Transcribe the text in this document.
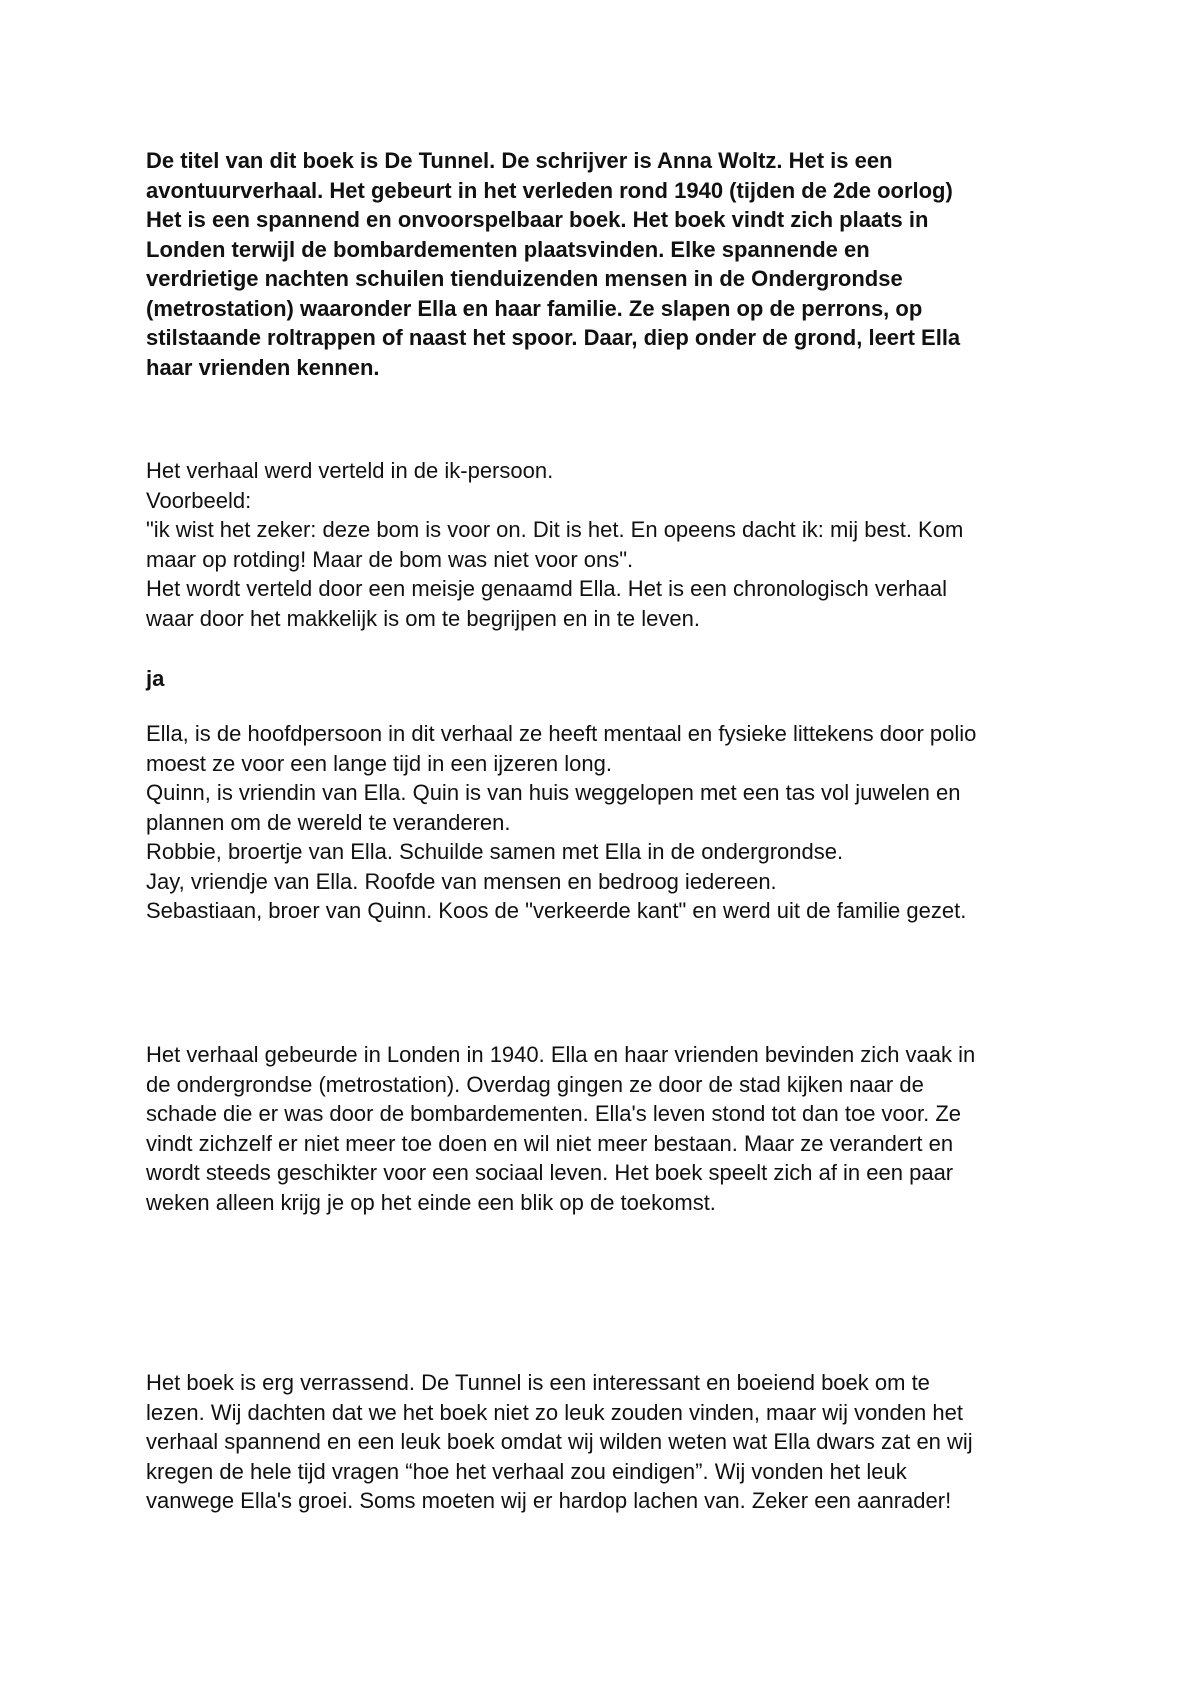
De titel van dit boek is De Tunnel. De schrijver is Anna Woltz. Het is een
avontuurverhaal. Het gebeurt in het verleden rond 1940 (tijden de 2de oorlog)
Het is een spannend en onvoorspelbaar boek. Het boek vindt zich plaats in
Londen terwijl de bombardementen plaatsvinden. Elke spannende en
verdrietige nachten schuilen tienduizenden mensen in de Ondergrondse
(metrostation) waaronder Ella en haar familie. Ze slapen op de perrons, op
stilstaande roltrappen of naast het spoor. Daar, diep onder de grond, leert Ella
haar vrienden kennen.
Het verhaal werd verteld in de ik-persoon.
Voorbeeld:
"ik wist het zeker: deze bom is voor on. Dit is het. En opeens dacht ik: mij best. Kom
maar op rotding! Maar de bom was niet voor ons".
Het wordt verteld door een meisje genaamd Ella. Het is een chronologisch verhaal
waar door het makkelijk is om te begrijpen en in te leven.
ja
Ella, is de hoofdpersoon in dit verhaal ze heeft mentaal en fysieke littekens door polio
moest ze voor een lange tijd in een ijzeren long.
Quinn, is vriendin van Ella. Quin is van huis weggelopen met een tas vol juwelen en
plannen om de wereld te veranderen.
Robbie, broertje van Ella. Schuilde samen met Ella in de ondergrondse.
Jay, vriendje van Ella. Roofde van mensen en bedroog iedereen.
Sebastiaan, broer van Quinn. Koos de "verkeerde kant" en werd uit de familie gezet.
Het verhaal gebeurde in Londen in 1940. Ella en haar vrienden bevinden zich vaak in
de ondergrondse (metrostation). Overdag gingen ze door de stad kijken naar de
schade die er was door de bombardementen. Ella's leven stond tot dan toe voor. Ze
vindt zichzelf er niet meer toe doen en wil niet meer bestaan. Maar ze verandert en
wordt steeds geschikter voor een sociaal leven. Het boek speelt zich af in een paar
weken alleen krijg je op het einde een blik op de toekomst.
Het boek is erg verrassend. De Tunnel is een interessant en boeiend boek om te
lezen. Wij dachten dat we het boek niet zo leuk zouden vinden, maar wij vonden het
verhaal spannend en een leuk boek omdat wij wilden weten wat Ella dwars zat en wij
kregen de hele tijd vragen “hoe het verhaal zou eindigen”. Wij vonden het leuk
vanwege Ella's groei. Soms moeten wij er hardop lachen van. Zeker een aanrader!
